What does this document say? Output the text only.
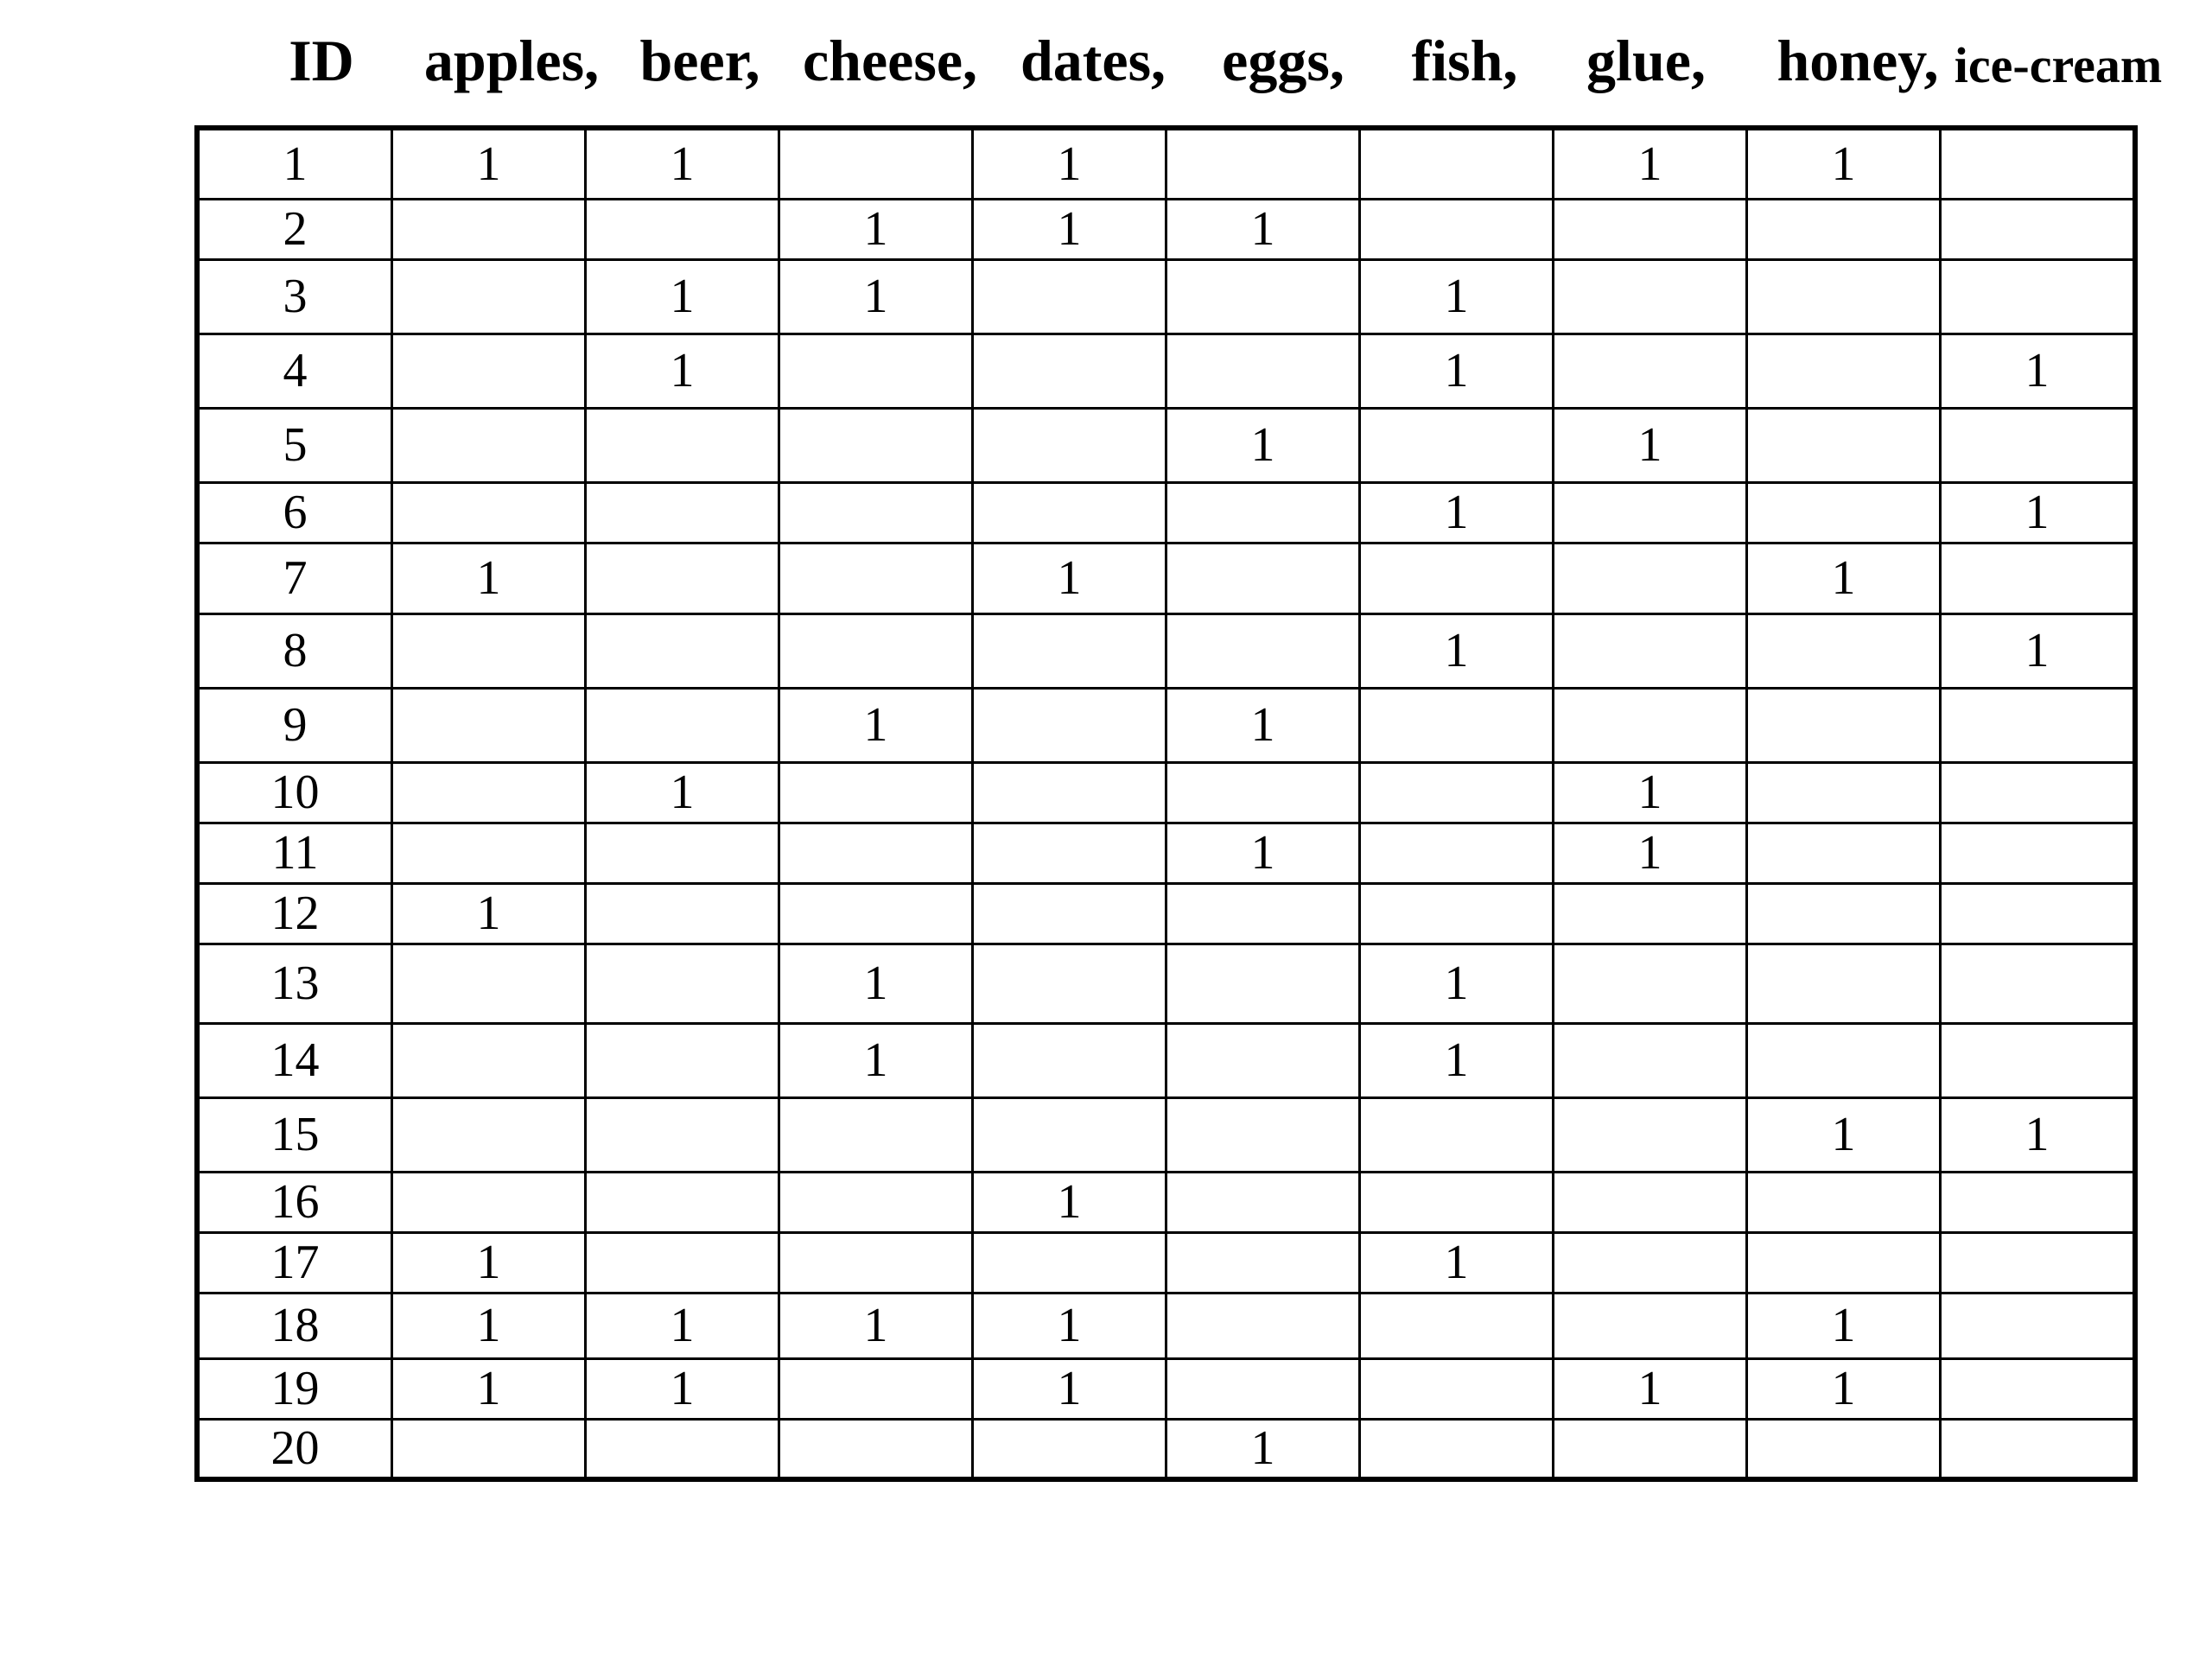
ID apples, beer, cheese, dates, eggs, fish, glue, honey, ice-cream
1	1	1		1			1	1	
2			1	1	1				
3		1	1			1			
4		1				1			1
5					1		1		
6						1			1
7	1			1				1	
8						1			1
9			1		1				
10		1					1		
11					1		1		
12	1								
13			1			1			
14			1			1			
15								1	1
16				1					
17	1					1			
18	1	1	1	1				1	
19	1	1		1			1	1	
20					1				
